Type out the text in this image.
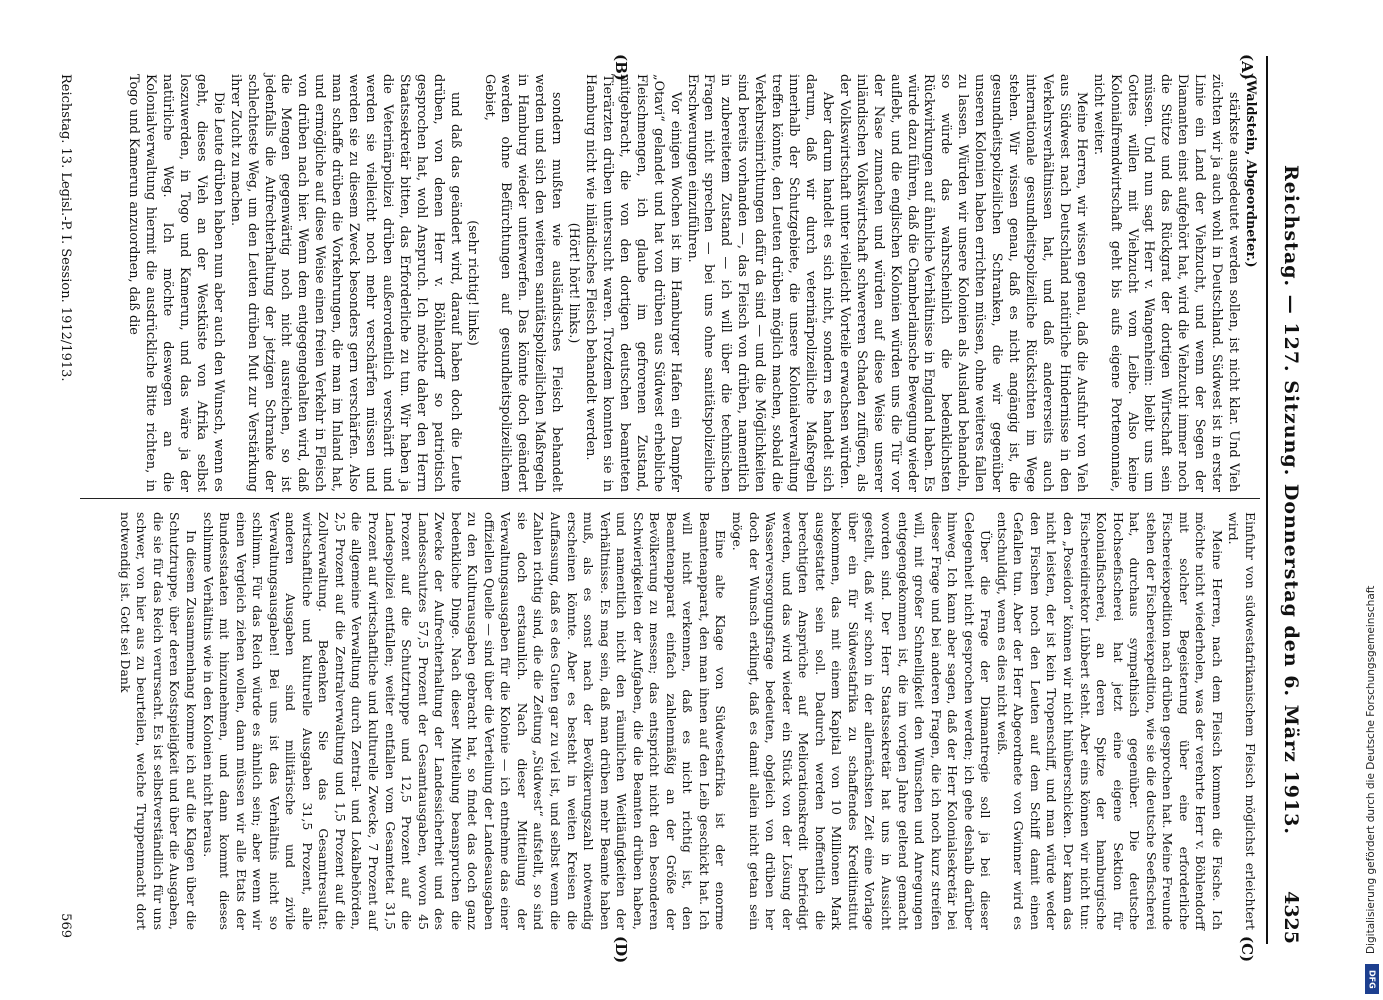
Reichstag. — 127. Sitzung. Donnerstag den 6. März 1913.
4325
(A)
(B)
(C)
(D)

(Waldstein, Abgeordneter.)

stärkste ausgedeutet werden sollen, ist nicht klar. Und Vieh züchten wir ja auch wohl in Deutschland. Südwest ist in erster Linie ein Land der Viehzucht, und wenn der Segen der Diamanten einst aufgehört hat, wird die Viehzucht immer noch die Stütze und das Rückgrat der dortigen Wirtschaft sein müssen. Und nun sagt Herr v. Wangenheim: bleibt uns um Gottes willen mit Viehzucht vom Leibe. Also keine Kolonialfremdwirtschaft geht bis aufs eigene Portemonnaie, nicht weiter.

Meine Herren, wir wissen genau, daß die Ausfuhr von Vieh aus Südwest nach Deutschland natürliche Hindernisse in den Verkehrsverhältnissen hat, und daß andererseits auch internationale gesundheitspolizeiliche Rücksichten im Wege stehen. Wir wissen genau, daß es nicht angängig ist, die gesundheitspolizeilichen Schranken, die wir gegenüber unseren Kolonien haben errichten müssen, ohne weiteres fallen zu lassen. Würden wir unsere Kolonien als Ausland behandeln, so würde das wahrscheinlich die bedenklichsten Rückwirkungen auf ähnliche Verhältnisse in England haben. Es würde dazu führen, daß die Chamberlainsche Bewegung wieder auflebt, und die englischen Kolonien würden uns die Tür vor der Nase zumachen und würden auf diese Weise unserer inländischen Volkswirtschaft schwereren Schaden zufügen, als der Volkswirtschaft unter vielleicht Vorteile erwachsen würden.

Aber darum handelt es sich nicht, sondern es handelt sich darum, daß wir durch veterinärpolizeiliche Maßregeln innerhalb der Schutzgebiete, die unsere Kolonialverwaltung treffen könnte, den Leuten drüben möglich machen, sobald die Verkehrseinrichtungen dafür da sind — und die Möglichkeiten sind bereits vorhanden —, das Fleisch von drüben, namentlich in zubereitetem Zustand — ich will über die technischen Fragen nicht sprechen — bei uns ohne sanitätspolizeiliche Erschwerungen einzuführen.

Vor einigen Wochen ist im Hamburger Hafen ein Dampfer „Otavi“ gelandet und hat von drüben aus Südwest erhebliche Fleischmengen, ich glaube im gefrorenen Zustand, mitgebracht, die von den dortigen deutschen beamteten Tierärzten drüben untersucht waren. Trotzdem konnten sie in Hamburg nicht wie inländisches Fleisch behandelt werden.

(Hört! hört! links.)

sondern mußten wie ausländisches Fleisch behandelt werden und sich den weiteren sanitätspolizeilichen Maßregeln in Hamburg wieder unterwerfen. Das könnte doch geändert werden ohne Befürchtungen auf gesundheitspolizeilichem Gebiet,

(sehr richtig! links)

und daß das geändert wird, darauf haben doch die Leute drüben, von denen Herr v. Böhlendorff so patriotisch gesprochen hat, wohl Anspruch. Ich möchte daher den Herrn Staatssekretär bitten, das Erforderliche zu tun. Wir haben ja die Veterinärpolizei drüben außerordentlich verschärft und werden sie vielleicht noch mehr verschärfen müssen und werden sie zu diesem Zweck besonders gern verschärfen. Also man schaffe drüben die Vorkehrungen, die man im Inland hat, und ermögliche auf diese Weise einen freien Verkehr in Fleisch von drüben nach hier. Wenn dem entgegengehalten wird, daß die Mengen gegenwärtig noch nicht ausreichen, so ist jedenfalls die Aufrechterhaltung der jetzigen Schranke der schlechteste Weg, um den Leuten drüben Mut zur Verstärkung ihrer Zucht zu machen.

Die Leute drüben haben nun aber auch den Wunsch, wenn es geht, dieses Vieh an der Westküste von Afrika selbst loszuwerden, in Togo und Kamerun, und das wäre ja der natürliche Weg. Ich möchte deswegen an die Kolonialverwaltung hiermit die ausdrückliche Bitte richten, in Togo und Kamerun anzuordnen, daß die

Einfuhr von südwestafrikanischem Fleisch möglichst erleichtert wird.

Meine Herren, nach dem Fleisch kommen die Fische. Ich möchte nicht wiederholen, was der verehrte Herr v. Böhlendorff mit solcher Begeisterung über eine erforderliche Fischereiexpedition nach drüben gesprochen hat. Meine Freunde stehen der Fischereiexpedition, wie sie die deutsche Seefischerei hat, durchaus sympathisch gegenüber. Die deutsche Hochseefischerei hat jetzt eine eigene Sektion für Kolonialfischerei, an deren Spitze der hamburgische Fischereidirektor Lübbert steht. Aber eins können wir nicht tun: den „Poseidon“ können wir nicht hinüberschicken. Der kann das nicht leisten, der ist kein Tropenschiff, und man würde weder den Fischen noch den Leuten auf dem Schiff damit einen Gefallen tun. Aber der Herr Abgeordnete von Gwinner wird es entschuldigt, wenn es dies nicht weiß.

Über die Frage der Diamantregie soll ja bei dieser Gelegenheit nicht gesprochen werden; ich gehe deshalb darüber hinweg. Ich kann aber sagen, daß der Herr Kolonialsekretär bei dieser Frage und bei anderen Fragen, die ich noch kurz streifen will, mit großer Schnelligkeit den Wünschen und Anregungen entgegengekommen ist, die im vorigen Jahre geltend gemacht worden sind. Der Herr Staatssekretär hat uns in Aussicht gestellt, daß wir schon in der allernächsten Zeit eine Vorlage über ein für Südwestafrika zu schaffendes Kreditinstitut bekommen, das mit einem Kapital von 10 Millionen Mark ausgestattet sein soll. Dadurch werden hoffentlich die berechtigten Ansprüche auf Meliorationskredit befriedigt werden, und das wird wieder ein Stück von der Lösung der Wasserversorgungsfrage bedeuten, obgleich von drüben her doch der Wunsch erklingt, daß es damit allein nicht getan sein möge.

Eine alte Klage von Südwestafrika ist der enorme Beamtenapparat, den man ihnen auf den Leib geschickt hat. Ich will nicht verkennen, daß es nicht richtig ist, den Beamtenapparat einfach zahlenmäßig an der Größe der Bevölkerung zu messen; das entspricht nicht den besonderen Schwierigkeiten der Aufgaben, die die Beamten drüben haben, und namentlich nicht den räumlichen Weitläufigkeiten der Verhältnisse. Es mag sein, daß man drüben mehr Beamte haben muß, als es sonst nach der Bevölkerungszahl notwendig erscheinen könnte. Aber es besteht in weiten Kreisen die Auffassung, daß es des Guten gar zu viel ist, und selbst wenn die Zahlen richtig sind, die die Zeitung „Südwest“ aufstellt, so sind sie doch erstaunlich. Nach dieser Mitteilung der Verwaltungsausgaben für die Kolonie — ich entnehme das einer offiziellen Quelle — sind über die Verteilung der Landesausgaben zu den Kulturausgaben gebracht hat, so findet das doch ganz bedenkliche Dinge. Nach dieser Mitteilung beanspruchen die Zwecke der Aufrechterhaltung der Landessicherheit und des Landesschutzes 57,5 Prozent der Gesamtausgaben, wovon 45 Prozent auf die Schutztruppe und 12,5 Prozent auf die Landespolizei entfallen; weiter entfallen vom Gesamtetat 31,5 Prozent auf wirtschaftliche und kulturelle Zwecke, 7 Prozent auf die allgemeine Verwaltung durch Zentral- und Lokalbehörden, 2,5 Prozent auf die Zentralverwaltung und 1,5 Prozent auf die Zollverwaltung. Bedenken Sie das Gesamtresultat: wirtschaftliche und kulturelle Ausgaben 31,5 Prozent, alle anderen Ausgaben sind militärische und zivile Verwaltungsausgaben! Bei uns ist das Verhältnis nicht so schlimm. Für das Reich würde es ähnlich sein; aber wenn wir einen Vergleich ziehen wollen, dann müssen wir alle Etats der Bundesstaaten mit hinzunehmen, und dann kommt dieses schlimme Verhältnis wie in den Kolonien nicht heraus.

In diesem Zusammenhang komme ich auf die Klagen über die Schutztruppe, über deren Kostspieligkeit und über die Ausgaben, die sie für das Reich verursacht. Es ist selbstverständlich für uns schwer, von hier aus zu beurteilen, welche Truppenmacht dort notwendig ist. Gott sei Dank

Reichstag. 13. Legisl.-P. I. Session. 1912/1913.
569	Digitalisierung gefördert durch die Deutsche Forschungsgemeinschaft
DFG
